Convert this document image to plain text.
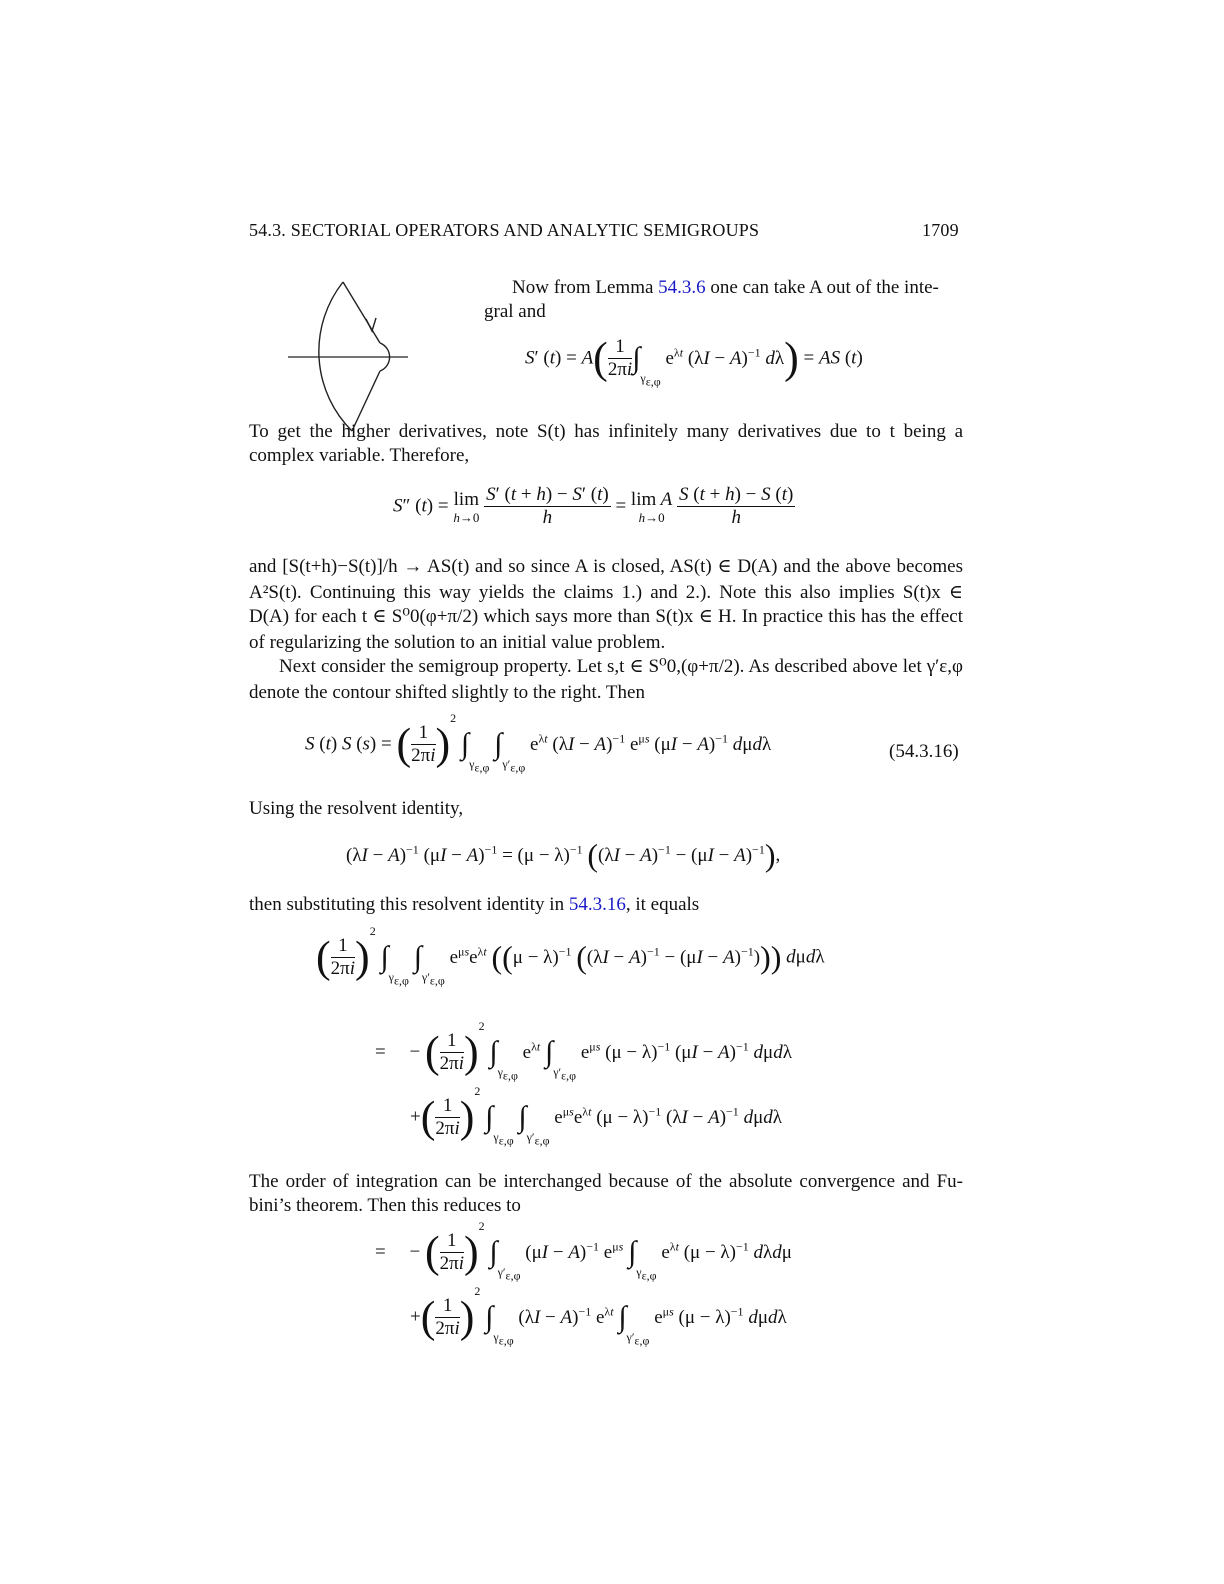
54.3. SECTORIAL OPERATORS AND ANALYTIC SEMIGROUPS	1709
Now from Lemma 54.3.6 one can take A out of the inte-
gral and
S′ $(t) = A( \frac{1}{2\pi i} \int_{\gamma_{\varepsilon,\varphi}}$ $e^{\lambda t}$ $(\lambda I - A)^{-1}$ dλ) = AS (t)
To get the higher derivatives, note S(t) has infinitely many derivatives due to t being a
complex variable. Therefore,
S″ (t) = lim
h→0
$\frac{S' (t + h) - S' (t)}{h} = \lim A$
h→0
$\frac{S (t + h) - S (t)}{h}$
and [S(t+h)−S(t)]/h → AS(t) and so since A is closed, AS(t) ∈ D(A) and the above becomes
A²S(t). Continuing this way yields the claims 1.) and 2.). Note this also implies S(t)x ∈
D(A) for each t ∈ S⁰0(φ+π/2) which says more than S(t)x ∈ H. In practice this has the effect
of regularizing the solution to an initial value problem.
Next consider the semigroup property. Let s,t ∈ S⁰0,(φ+π/2). As described above let γ′ε,φ
denote the contour shifted slightly to the right. Then
S (t) S (s) = ( $\frac{1}{2\pi i} )^2$ $\int_{\gamma_{\varepsilon,\varphi}}$ $\int_{\gamma'_{\varepsilon,\varphi}}$ $e^{\lambda t}$ $(\lambda I - A)^{-1}$ $e^{\mu s}$ $(\mu I - A)^{-1}$ dμdλ	(54.3.16)
Using the resolvent identity,
$(\lambda I - A)^{-1}$ $(\mu I - A)^{-1} = (\mu - \lambda)^{-1}$ $((\lambda I - A)^{-1} - (\mu I - A)^{-1})$,
then substituting this resolvent identity in 54.3.16, it equals
( $\frac{1}{2\pi i} )^2$ $\int_{\gamma_{\varepsilon,\varphi}}$ $\int_{\gamma'_{\varepsilon,\varphi}}$ $e^{\mu s}e^{\lambda t}$ ($(\mu - \lambda)^{-1}$ $((\lambda I - A)^{-1} - (\mu I - A)^{-1})$)) dμdλ
=     − ( $\frac{1}{2\pi i} )^2$ $\int_{\gamma_{\varepsilon,\varphi}}$ $e^{\lambda t}$ $\int_{\gamma'_{\varepsilon,\varphi}}$ $e^{\mu s}$ $(\mu - \lambda)^{-1}$ $(\mu I - A)^{-1}$ dμdλ
+( $\frac{1}{2\pi i} )^2$ $\int_{\gamma_{\varepsilon,\varphi}}$ $\int_{\gamma'_{\varepsilon,\varphi}}$ $e^{\mu s}e^{\lambda t}$ $(\mu - \lambda)^{-1}$ $(\lambda I - A)^{-1}$ dμdλ
The order of integration can be interchanged because of the absolute convergence and Fu-
bini’s theorem. Then this reduces to
=     − ( $\frac{1}{2\pi i} )^2$ $\int_{\gamma'_{\varepsilon,\varphi}}$ $(\mu I - A)^{-1}$ $e^{\mu s}$ $\int_{\gamma_{\varepsilon,\varphi}}$ $e^{\lambda t}$ $(\mu - \lambda)^{-1}$ dλdμ
+( $\frac{1}{2\pi i} )^2$ $\int_{\gamma_{\varepsilon,\varphi}}$ $(\lambda I - A)^{-1}$ $e^{\lambda t}$ $\int_{\gamma'_{\varepsilon,\varphi}}$ $e^{\mu s}$ $(\mu - \lambda)^{-1}$ dμdλ
